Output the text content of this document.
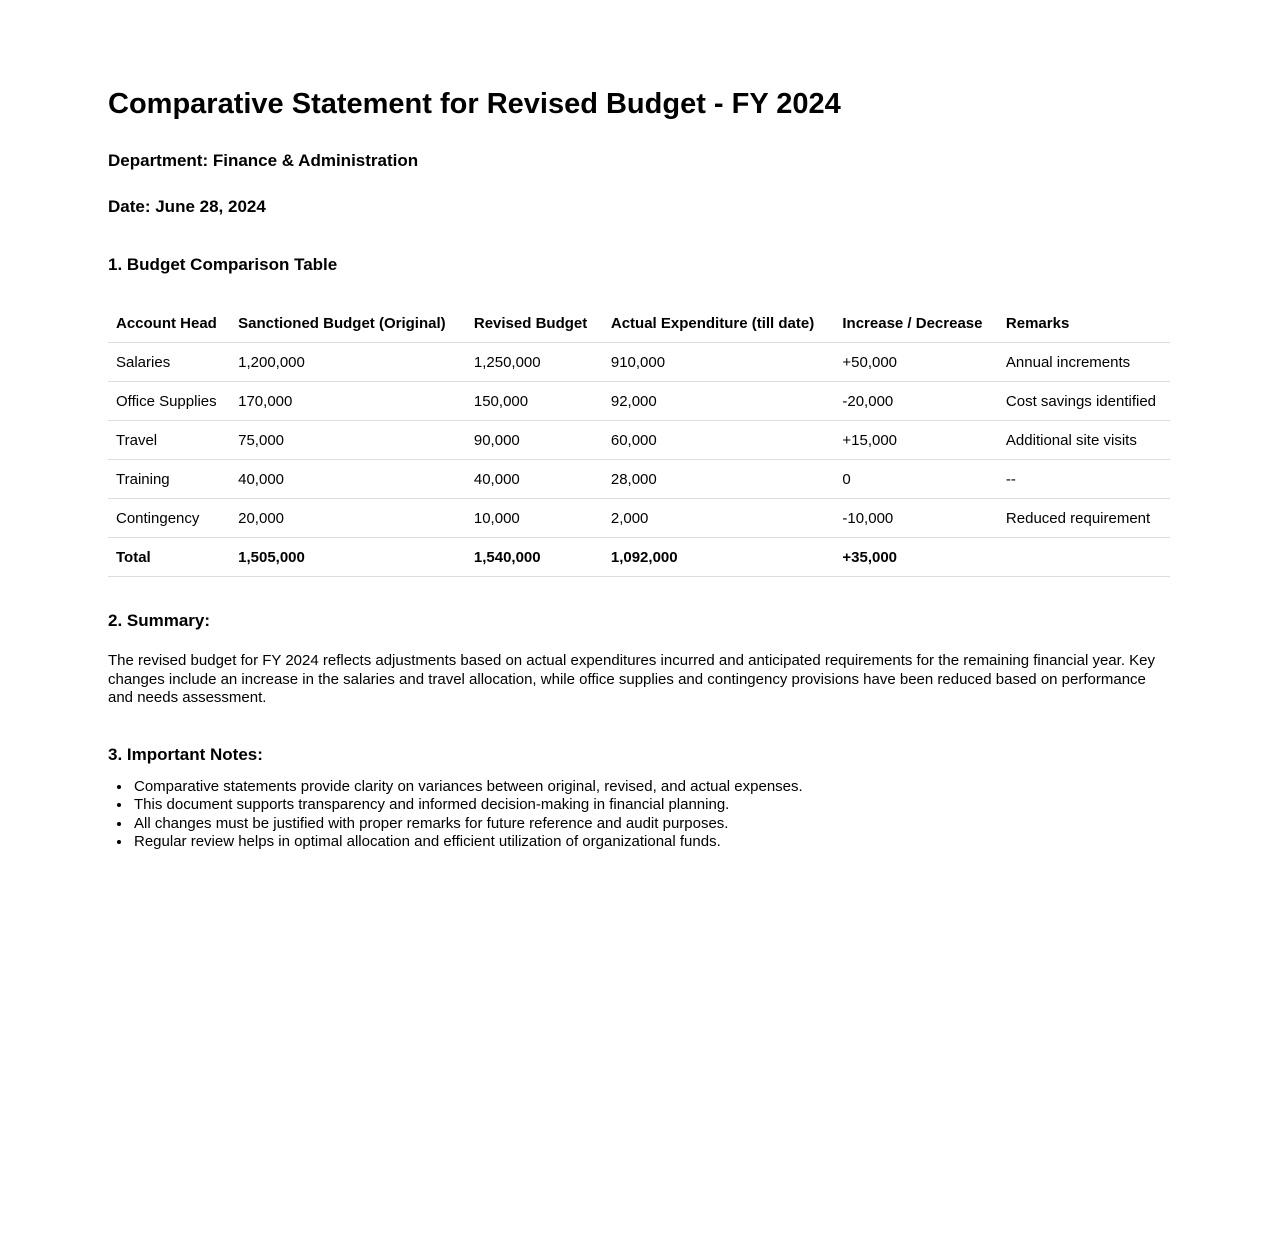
Comparative Statement for Revised Budget - FY 2024

Department: Finance & Administration

Date: June 28, 2024

1. Budget Comparison Table
Account Head	Sanctioned Budget (Original)	Revised Budget	Actual Expenditure (till date)	Increase / Decrease	Remarks
Salaries	1,200,000	1,250,000	910,000	+50,000	Annual increments
Office Supplies	170,000	150,000	92,000	-20,000	Cost savings identified
Travel	75,000	90,000	60,000	+15,000	Additional site visits
Training	40,000	40,000	28,000	0	--
Contingency	20,000	10,000	2,000	-10,000	Reduced requirement
Total	1,505,000	1,540,000	1,092,000	+35,000	
2. Summary:

The revised budget for FY 2024 reflects adjustments based on actual expenditures incurred and anticipated requirements for the remaining financial year. Key changes include an increase in the salaries and travel allocation, while office supplies and contingency provisions have been reduced based on performance and needs assessment.

3. Important Notes:
• Comparative statements provide clarity on variances between original, revised, and actual expenses.
• This document supports transparency and informed decision-making in financial planning.
• All changes must be justified with proper remarks for future reference and audit purposes.
• Regular review helps in optimal allocation and efficient utilization of organizational funds.
